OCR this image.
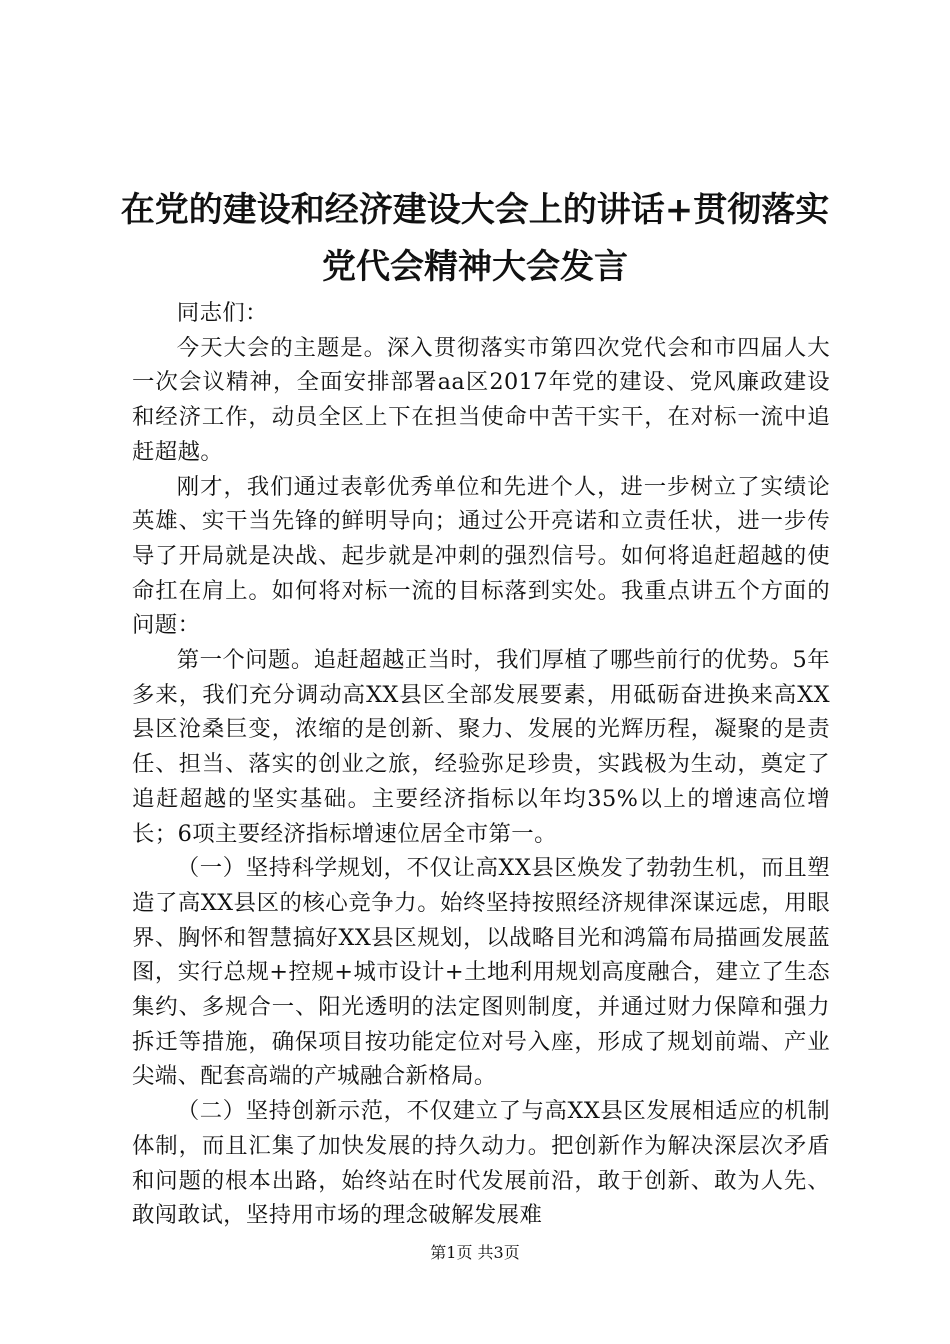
在党的建设和经济建设大会上的讲话+贯彻落实党代会精神大会发言

同志们：

今天大会的主题是。深入贯彻落实市第四次党代会和市四届人大一次会议精神，全面安排部署aa区2017年党的建设、党风廉政建设和经济工作，动员全区上下在担当使命中苦干实干，在对标一流中追赶超越。

刚才，我们通过表彰优秀单位和先进个人，进一步树立了实绩论英雄、实干当先锋的鲜明导向；通过公开亮诺和立责任状，进一步传导了开局就是决战、起步就是冲刺的强烈信号。如何将追赶超越的使命扛在肩上。如何将对标一流的目标落到实处。我重点讲五个方面的问题：

第一个问题。追赶超越正当时，我们厚植了哪些前行的优势。5年多来，我们充分调动高XX县区全部发展要素，用砥砺奋进换来高XX县区沧桑巨变，浓缩的是创新、聚力、发展的光辉历程，凝聚的是责任、担当、落实的创业之旅，经验弥足珍贵，实践极为生动，奠定了追赶超越的坚实基础。主要经济指标以年均35%以上的增速高位增长；6项主要经济指标增速位居全市第一。

（一）坚持科学规划，不仅让高XX县区焕发了勃勃生机，而且塑造了高XX县区的核心竞争力。始终坚持按照经济规律深谋远虑，用眼界、胸怀和智慧搞好XX县区规划，以战略目光和鸿篇布局描画发展蓝图，实行总规+控规+城市设计+土地利用规划高度融合，建立了生态集约、多规合一、阳光透明的法定图则制度，并通过财力保障和强力拆迁等措施，确保项目按功能定位对号入座，形成了规划前端、产业尖端、配套高端的产城融合新格局。

（二）坚持创新示范，不仅建立了与高XX县区发展相适应的机制体制，而且汇集了加快发展的持久动力。把创新作为解决深层次矛盾和问题的根本出路，始终站在时代发展前沿，敢于创新、敢为人先、敢闯敢试，坚持用市场的理念破解发展难

第1页 共3页
